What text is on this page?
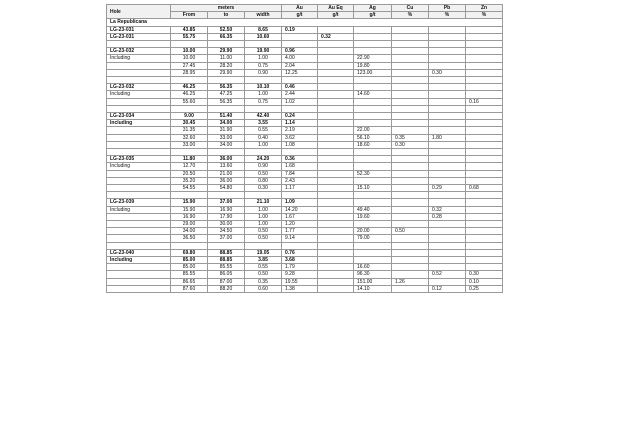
Hole	meters			Au	Au Eq	Ag	Cu	Pb	Zn
	From	to	width	g/t	g/t	g/t	%	%	%
La Republicana									
LG-23-031	43.85	52.50	8.65	0.19					
LG-23-031	55.75	66.35	10.60		0.32				

LG-23-032	10.00	29.90	19.90	0.96					
Including	10.00	11.00	1.00	4.00		22.90			
	27.45	28.20	0.75	2.04		19.80			
	28.95	29.90	0.90	12.25		123.00		0.30	

LG-23-032	46.25	56.35	10.10	0.46					
Including	46.25	47.25	1.00	2.44		14.60			
	55.60	56.35	0.75	1.02					0.16

LG-23-034	9.00	51.40	42.40	0.24					
Including	30.45	34.00	3.55	1.14					
	31.35	31.90	0.55	2.19		22.00			
	32.60	33.00	0.40	3.62		56.10	0.35	1.80	
	33.00	34.00	1.00	1.08		18.60	0.30		

LG-23-035	11.80	36.00	24.20	0.36					
Including	12.70	13.60	0.90	1.68					
	20.50	21.00	0.50	7.84		52.30			
	35.20	36.00	0.80	2.43					
	54.55	54.80	0.30	1.17		15.10		0.29	0.68

LG-23-039	15.90	37.00	21.10	1.09					
Including	15.90	16.90	1.00	14.20		49.40		0.32	
	16.90	17.90	1.00	1.67		19.60		0.28	
	29.00	30.00	1.00	1.20					
	34.00	34.50	0.50	1.77		20.00	0.50		
	36.50	37.00	0.50	9.14		79.00			

LG-23-040	69.80	88.85	19.05	0.76					
Including	85.00	88.85	3.85	3.68					
	85.00	85.55	0.55	1.79		16.60			
	85.55	86.05	0.50	9.28		96.30		0.52	0.30
	86.65	87.00	0.35	19.55		151.00	1.26		0.10
	87.60	88.20	0.60	1.38		14.10		0.12	0.25
